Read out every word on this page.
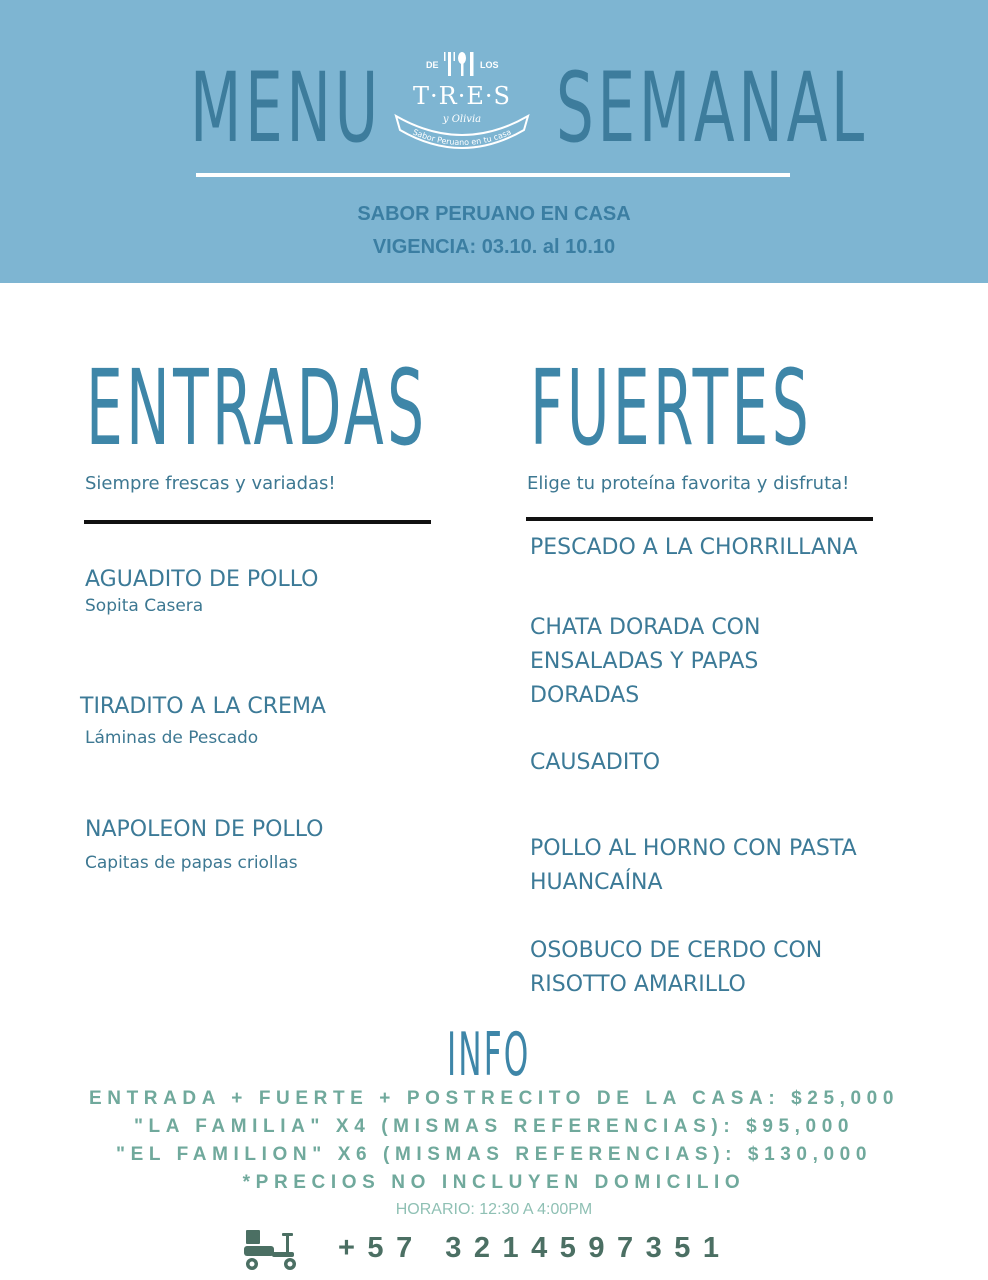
MENU	DE	LOS
T·R·E·S
y Olivia
Sabor Peruano en tu casa SEMANAL
SABOR PERUANO EN CASA
VIGENCIA: 03.10. al 10.10
ENTRADAS
Siempre frescas y variadas!
AGUADITO DE POLLO
Sopita Casera
TIRADITO A LA CREMA
Láminas de Pescado
NAPOLEON DE POLLO
Capitas de papas criollas
FUERTES
Elige tu proteína favorita y disfruta!
PESCADO A LA CHORRILLANA
CHATA DORADA CON ENSALADAS Y PAPAS DORADAS
CAUSADITO
POLLO AL HORNO CON PASTA HUANCAÍNA
OSOBUCO DE CERDO CON RISOTTO AMARILLO
INFO
ENTRADA + FUERTE + POSTRECITO DE LA CASA: $25,000
"LA FAMILIA" X4 (MISMAS REFERENCIAS): $95,000
"EL FAMILION" X6 (MISMAS REFERENCIAS): $130,000
*PRECIOS NO INCLUYEN DOMICILIO
HORARIO: 12:30 A 4:00PM
+57 3214597351
